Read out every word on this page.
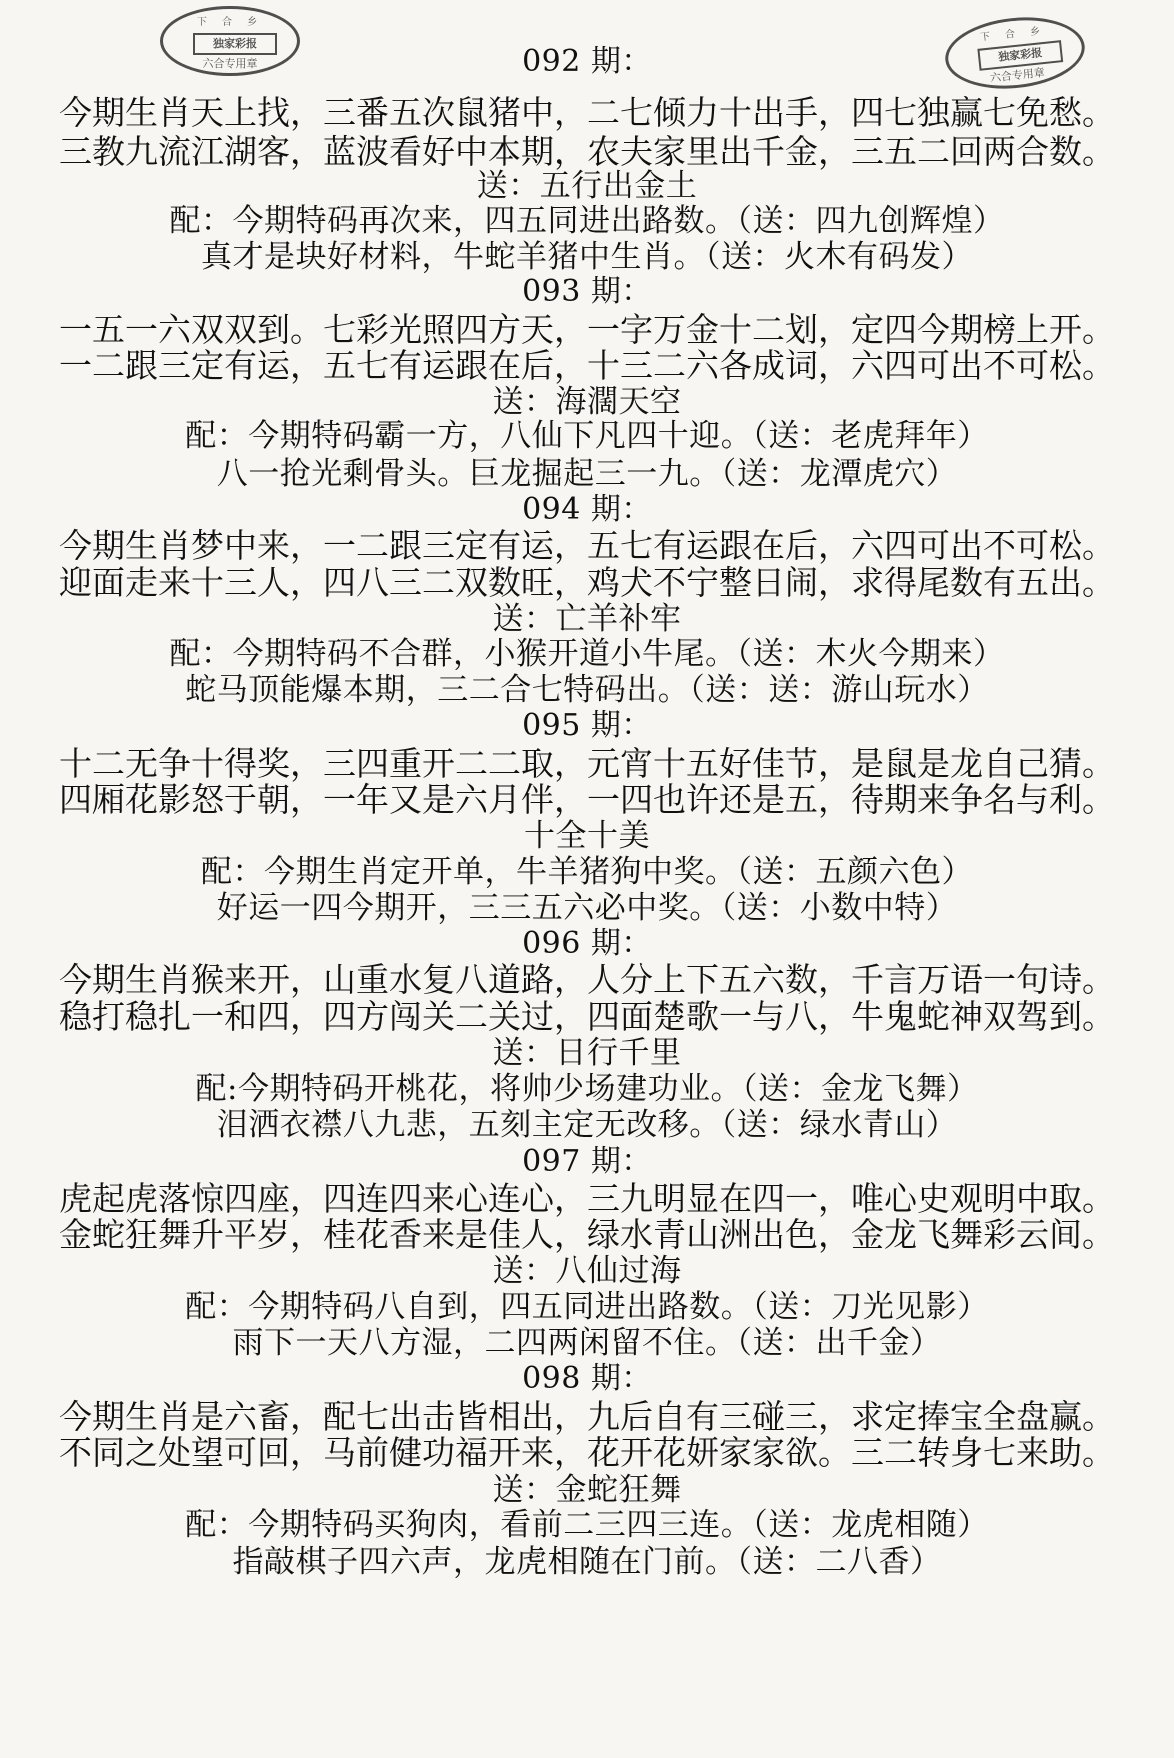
下 合 乡
独家彩报
六合专用章
下 合 乡
独家彩报
六合专用章
092 期：
今期生肖天上找，三番五次鼠猪中，二七倾力十出手，四七独赢七免愁。
三教九流江湖客，蓝波看好中本期，农夫家里出千金，三五二回两合数。
送：五行出金土
配：今期特码再次来，四五同进出路数。（送：四九创辉煌）
真才是块好材料，牛蛇羊猪中生肖。（送：火木有码发）
093 期：
一五一六双双到。七彩光照四方天，一字万金十二划，定四今期榜上开。
一二跟三定有运，五七有运跟在后，十三二六各成词，六四可出不可松。
送：海濶天空
配：今期特码霸一方，八仙下凡四十迎。（送：老虎拜年）
八一抢光剩骨头。巨龙掘起三一九。（送：龙潭虎穴）
094 期：
今期生肖梦中来，一二跟三定有运，五七有运跟在后，六四可出不可松。
迎面走来十三人，四八三二双数旺，鸡犬不宁整日闹，求得尾数有五出。
送：亡羊补牢
配：今期特码不合群，小猴开道小牛尾。（送：木火今期来）
蛇马顶能爆本期，三二合七特码出。（送：送：游山玩水）
095 期：
十二无争十得奖，三四重开二二取，元宵十五好佳节，是鼠是龙自己猜。
四厢花影怒于朝，一年又是六月伴，一四也许还是五，待期来争名与利。
十全十美
配：今期生肖定开单，牛羊猪狗中奖。（送：五颜六色）
好运一四今期开，三三五六必中奖。（送：小数中特）
096 期：
今期生肖猴来开，山重水复八道路，人分上下五六数，千言万语一句诗。
稳打稳扎一和四，四方闯关二关过，四面楚歌一与八，牛鬼蛇神双驾到。
送：日行千里
配:今期特码开桃花，将帅少场建功业。（送：金龙飞舞）
泪洒衣襟八九悲，五刻主定无改移。（送：绿水青山）
097 期：
虎起虎落惊四座，四连四来心连心，三九明显在四一，唯心史观明中取。
金蛇狂舞升平岁，桂花香来是佳人，绿水青山洲出色，金龙飞舞彩云间。
送：八仙过海
配：今期特码八自到，四五同进出路数。（送：刀光见影）
雨下一天八方湿，二四两闲留不住。（送：出千金）
098 期：
今期生肖是六畜，配七出击皆相出，九后自有三碰三，求定捧宝全盘赢。
不同之处望可回，马前健功福开来，花开花妍家家欲。三二转身七来助。
送：金蛇狂舞
配：今期特码买狗肉，看前二三四三连。（送：龙虎相随）
指敲棋子四六声，龙虎相随在门前。（送：二八香）
